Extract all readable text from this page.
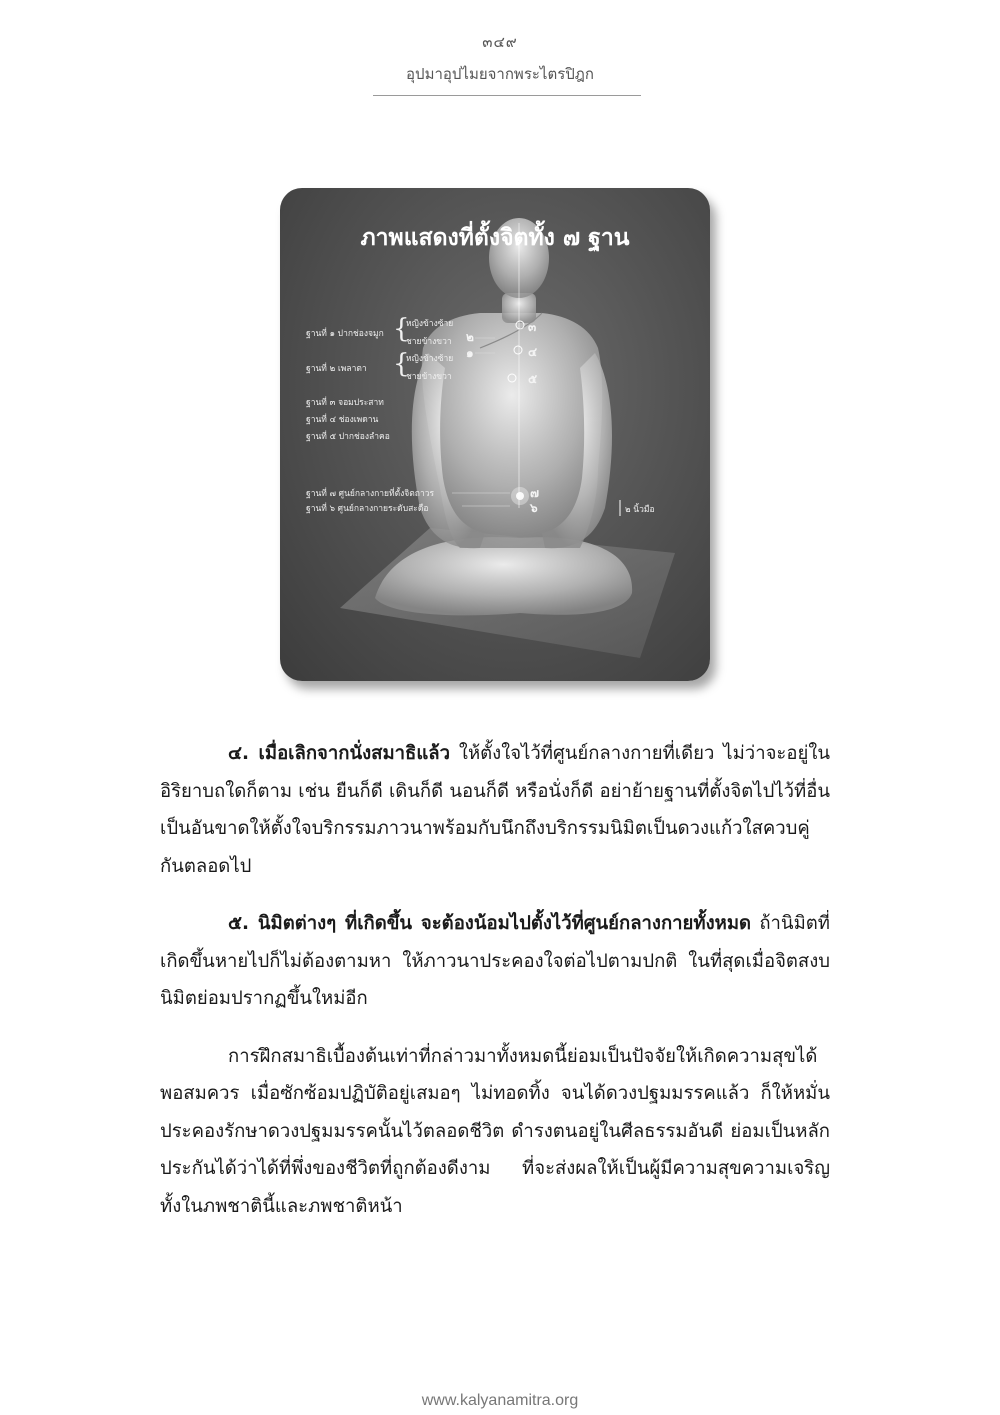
๓๔๙
อุปมาอุปไมยจากพระไตรปิฎก
ภาพแสดงที่ตั้งจิตทั้ง ๗ ฐาน
ฐานที่ ๑ ปากช่องจมูก {
หญิงข้างซ้าย
ชายข้างขวา
ฐานที่ ๒ เพลาตา {
หญิงข้างซ้าย
ชายข้างขวา
ฐานที่ ๓ จอมประสาท
ฐานที่ ๔ ช่องเพดาน
ฐานที่ ๕ ปากช่องลำคอ
ฐานที่ ๗ ศูนย์กลางกายที่ตั้งจิตถาวร
ฐานที่ ๖ ศูนย์กลางกายระดับสะดือ	๒ นิ้วมือ
๒
๑
๓
๔
๕
๗
๖

๔. เมื่อเลิกจากนั่งสมาธิแล้ว ให้ตั้งใจไว้ที่ศูนย์กลางกายที่เดียว ไม่ว่าจะอยู่ในอิริยาบถใดก็ตาม เช่น ยืนก็ดี เดินก็ดี นอนก็ดี หรือนั่งก็ดี อย่าย้ายฐานที่ตั้งจิตไปไว้ที่อื่นเป็นอันขาดให้ตั้งใจบริกรรมภาวนาพร้อมกับนึกถึงบริกรรมนิมิตเป็นดวงแก้วใสควบคู่กันตลอดไป

๕. นิมิตต่างๆ ที่เกิดขึ้น จะต้องน้อมไปตั้งไว้ที่ศูนย์กลางกายทั้งหมด ถ้านิมิตที่เกิดขึ้นหายไปก็ไม่ต้องตามหา ให้ภาวนาประคองใจต่อไปตามปกติ ในที่สุดเมื่อจิตสงบนิมิตย่อมปรากฏขึ้นใหม่อีก

การฝึกสมาธิเบื้องต้นเท่าที่กล่าวมาทั้งหมดนี้ย่อมเป็นปัจจัยให้เกิดความสุขได้พอสมควร เมื่อซักซ้อมปฏิบัติอยู่เสมอๆ ไม่ทอดทิ้ง จนได้ดวงปฐมมรรคแล้ว ก็ให้หมั่นประคองรักษาดวงปฐมมรรคนั้นไว้ตลอดชีวิต ดำรงตนอยู่ในศีลธรรมอันดี ย่อมเป็นหลักประกันได้ว่าได้ที่พึ่งของชีวิตที่ถูกต้องดีงาม ที่จะส่งผลให้เป็นผู้มีความสุขความเจริญ ทั้งในภพชาตินี้และภพชาติหน้า

www.kalyanamitra.org
